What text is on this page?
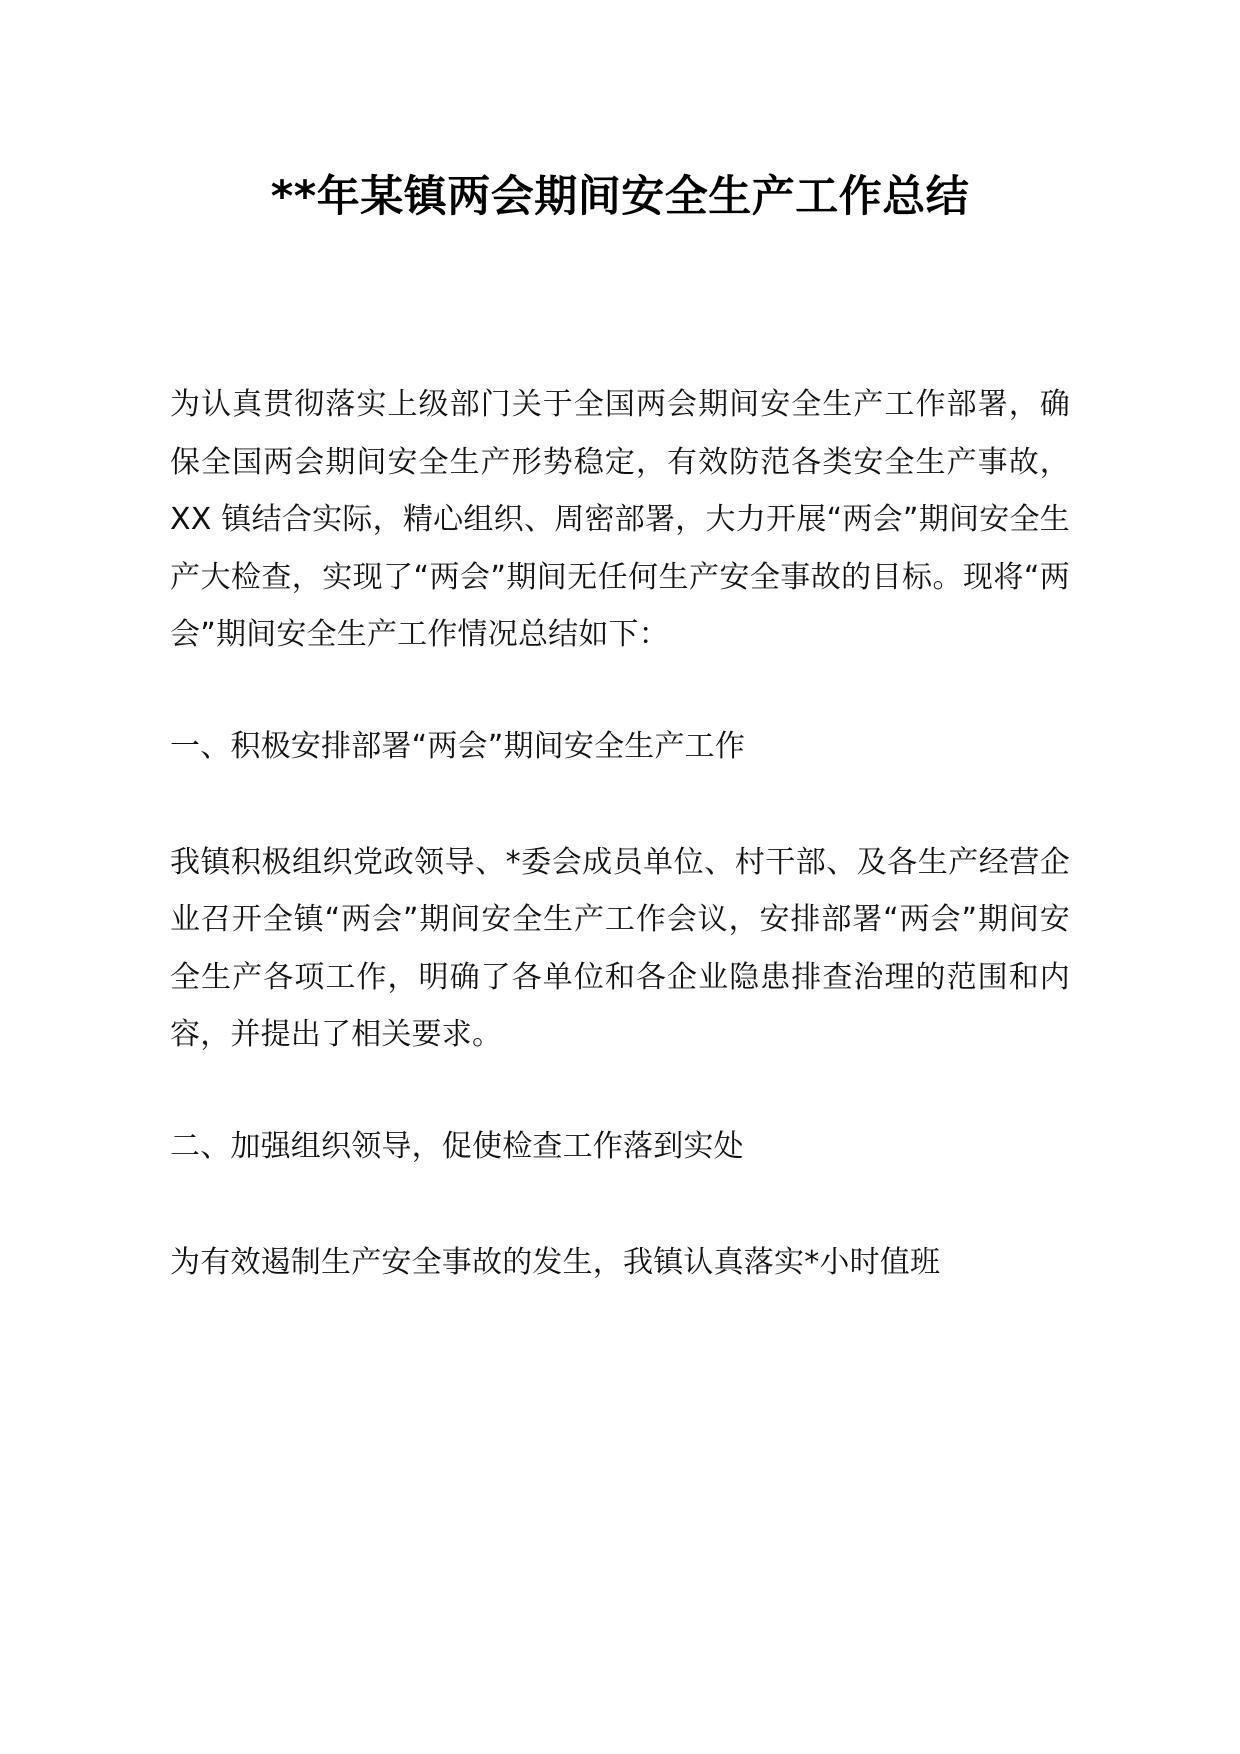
**年某镇两会期间安全生产工作总结

为认真贯彻落实上级部门关于全国两会期间安全生产工作部署，确保全国两会期间安全生产形势稳定，有效防范各类安全生产事故，XX 镇结合实际，精心组织、周密部署，大力开展“两会”期间安全生产大检查，实现了“两会”期间无任何生产安全事故的目标。现将“两会”期间安全生产工作情况总结如下：

一、积极安排部署“两会”期间安全生产工作

我镇积极组织党政领导、*委会成员单位、村干部、及各生产经营企业召开全镇“两会”期间安全生产工作会议，安排部署“两会”期间安全生产各项工作，明确了各单位和各企业隐患排查治理的范围和内容，并提出了相关要求。

二、加强组织领导，促使检查工作落到实处

为有效遏制生产安全事故的发生，我镇认真落实*小时值班
